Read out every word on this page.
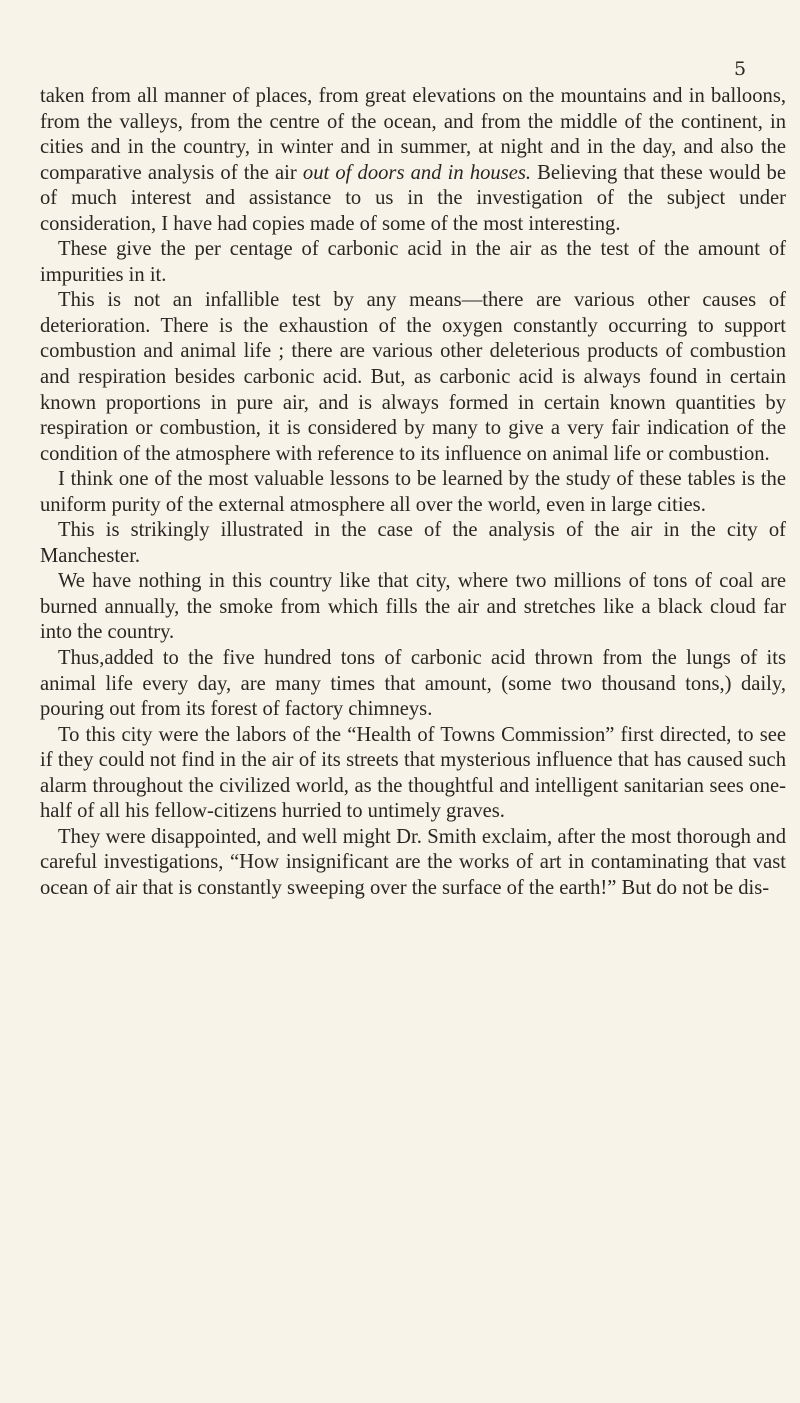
5

taken from all manner of places, from great elevations on the mountains and in balloons, from the valleys, from the centre of the ocean, and from the middle of the continent, in cities and in the country, in winter and in summer, at night and in the day, and also the comparative analysis of the air out of doors and in houses. Believing that these would be of much interest and assistance to us in the investigation of the subject under consideration, I have had copies made of some of the most interesting.

These give the per centage of carbonic acid in the air as the test of the amount of impurities in it.

This is not an infallible test by any means—there are various other causes of deterioration. There is the exhaustion of the oxygen constantly occurring to support combustion and animal life ; there are various other deleterious products of combustion and respiration besides carbonic acid. But, as carbonic acid is always found in certain known proportions in pure air, and is always formed in certain known quantities by respiration or combustion, it is considered by many to give a very fair indication of the condition of the atmosphere with reference to its influence on animal life or combustion.

I think one of the most valuable lessons to be learned by the study of these tables is the uniform purity of the external atmosphere all over the world, even in large cities.

This is strikingly illustrated in the case of the analysis of the air in the city of Manchester.

We have nothing in this country like that city, where two millions of tons of coal are burned annually, the smoke from which fills the air and stretches like a black cloud far into the country.

Thus,added to the five hundred tons of carbonic acid thrown from the lungs of its animal life every day, are many times that amount, (some two thousand tons,) daily, pouring out from its forest of factory chimneys.

To this city were the labors of the “Health of Towns Commission” first directed, to see if they could not find in the air of its streets that mysterious influence that has caused such alarm throughout the civilized world, as the thoughtful and intelligent sanitarian sees one-half of all his fellow-citizens hurried to untimely graves.

They were disappointed, and well might Dr. Smith exclaim, after the most thorough and careful investigations, “How insignificant are the works of art in contaminating that vast ocean of air that is constantly sweeping over the surface of the earth!” But do not be dis-
